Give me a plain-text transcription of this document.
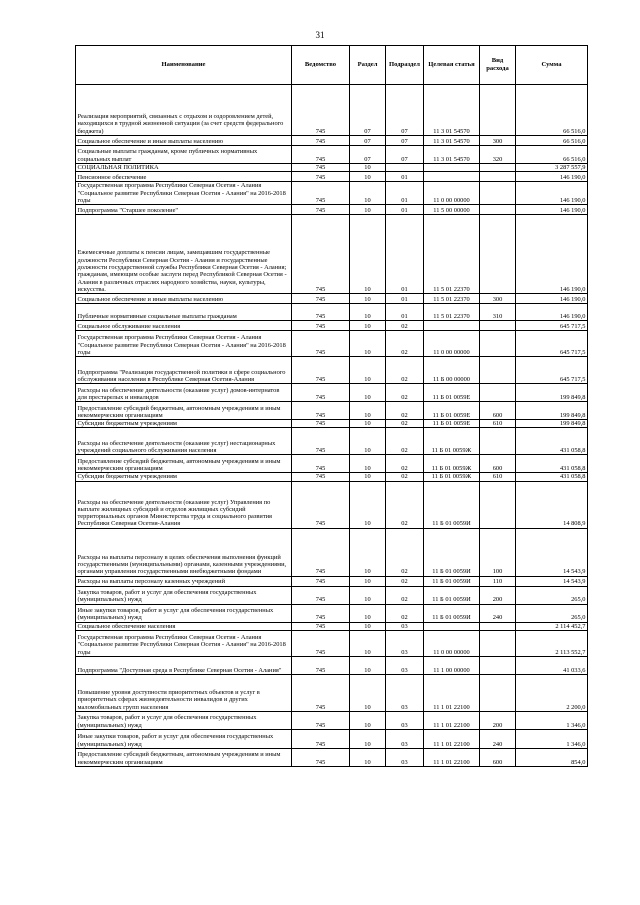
31
Наименование	Ведомство	Раздел	Подраздел	Целевая статья	Вид расхода	Сумма
Реализация мероприятий, связанных с отдыхом и оздоровлением детей, находящихся в трудной жизненной ситуации (за счет средств федерального бюджета)	745	07	07	11 3 01 54570		66 516,0
Социальное обеспечение и иные выплаты населению	745	07	07	11 3 01 54570	300	66 516,0
Социальные выплаты гражданам, кроме публичных нормативных социальных выплат	745	07	07	11 3 01 54570	320	66 516,0
СОЦИАЛЬНАЯ ПОЛИТИКА	745	10				3 287 557,9
Пенсионное обеспечение	745	10	01			146 190,0
Государственная программа Республики Северная Осетия - Алания "Социальное развитие Республики Северная Осетия - Алания" на 2016-2018 годы	745	10	01	11 0 00 00000		146 190,0
Подпрограмма "Старшее поколение"	745	10	01	11 5 00 00000		146 190,0
Ежемесячные доплаты к пенсии лицам, замещавшим государственные должности Республики Северная Осетия - Алания и государственные должности государственной службы Республики Северная Осетия - Алания; гражданам, имеющим особые заслуги перед Республикой Северная Осетия - Алания в различных отраслях народного хозяйства, науки, культуры, искусства.	745	10	01	11 5 01 22370		146 190,0
Социальное обеспечение и иные выплаты населению	745	10	01	11 5 01 22370	300	146 190,0
Публичные нормативные социальные выплаты гражданам	745	10	01	11 5 01 22370	310	146 190,0
Социальное обслуживание населения	745	10	02			645 717,5
Государственная программа Республики Северная Осетия - Алания "Социальное развитие Республики Северная Осетия - Алания" на 2016-2018 годы	745	10	02	11 0 00 00000		645 717,5
Подпрограмма "Реализация государственной политики в сфере социального обслуживания населения в Республике Северная Осетия-Алания	745	10	02	11 Б 00 00000		645 717,5
Расходы на обеспечение деятельности (оказание услуг) домов-интернатов для престарелых и инвалидов	745	10	02	11 Б 01 0059Е		199 849,8
Предоставление субсидий бюджетным, автономным учреждениям и иным некоммерческим организациям	745	10	02	11 Б 01 0059Е	600	199 849,8
Субсидии бюджетным учреждениям	745	10	02	11 Б 01 0059Е	610	199 849,8
Расходы на обеспечение деятельности (оказание услуг) нестационарных учреждений социального обслуживания населения	745	10	02	11 Б 01 0059Ж		431 058,8
Предоставление субсидий бюджетным, автономным учреждениям и иным некоммерческим организациям	745	10	02	11 Б 01 0059Ж	600	431 058,8
Субсидии бюджетным учреждениям	745	10	02	11 Б 01 0059Ж	610	431 058,8
Расходы на обеспечение деятельности (оказание услуг) Управления по выплате жилищных субсидий и отделов жилищных субсидий территориальных органов Министерства труда и социального развития Республики Северная Осетия-Алания	745	10	02	11 Б 01 0059И		14 808,9
Расходы на выплаты персоналу в целях обеспечения выполнения функций государственными (муниципальными) органами, казенными учреждениями, органами управления государственными внебюджетными фондами	745	10	02	11 Б 01 0059И	100	14 543,9
Расходы на выплаты персоналу казенных учреждений	745	10	02	11 Б 01 0059И	110	14 543,9
Закупка товаров, работ и услуг для обеспечения государственных (муниципальных) нужд	745	10	02	11 Б 01 0059И	200	265,0
Иные закупки товаров, работ и услуг для обеспечения государственных (муниципальных) нужд	745	10	02	11 Б 01 0059И	240	265,0
Социальное обеспечение населения	745	10	03			2 114 452,7
Государственная программа Республики Северная Осетия - Алания "Социальное развитие Республики Северная Осетия - Алания" на 2016-2018 годы	745	10	03	11 0 00 00000		2 113 552,7
Подпрограмма "Доступная среда в Республике Северная Осетия - Алания"	745	10	03	11 1 00 00000		41 033,6
Повышение уровня доступности приоритетных объектов и услуг в приоритетных сферах жизнедеятельности инвалидов и других маломобильных групп населения	745	10	03	11 1 01 22100		2 200,0
Закупка товаров, работ и услуг для обеспечения государственных (муниципальных) нужд	745	10	03	11 1 01 22100	200	1 346,0
Иные закупки товаров, работ и услуг для обеспечения государственных (муниципальных) нужд	745	10	03	11 1 01 22100	240	1 346,0
Предоставление субсидий бюджетным, автономным учреждениям и иным некоммерческим организациям	745	10	03	11 1 01 22100	600	854,0
